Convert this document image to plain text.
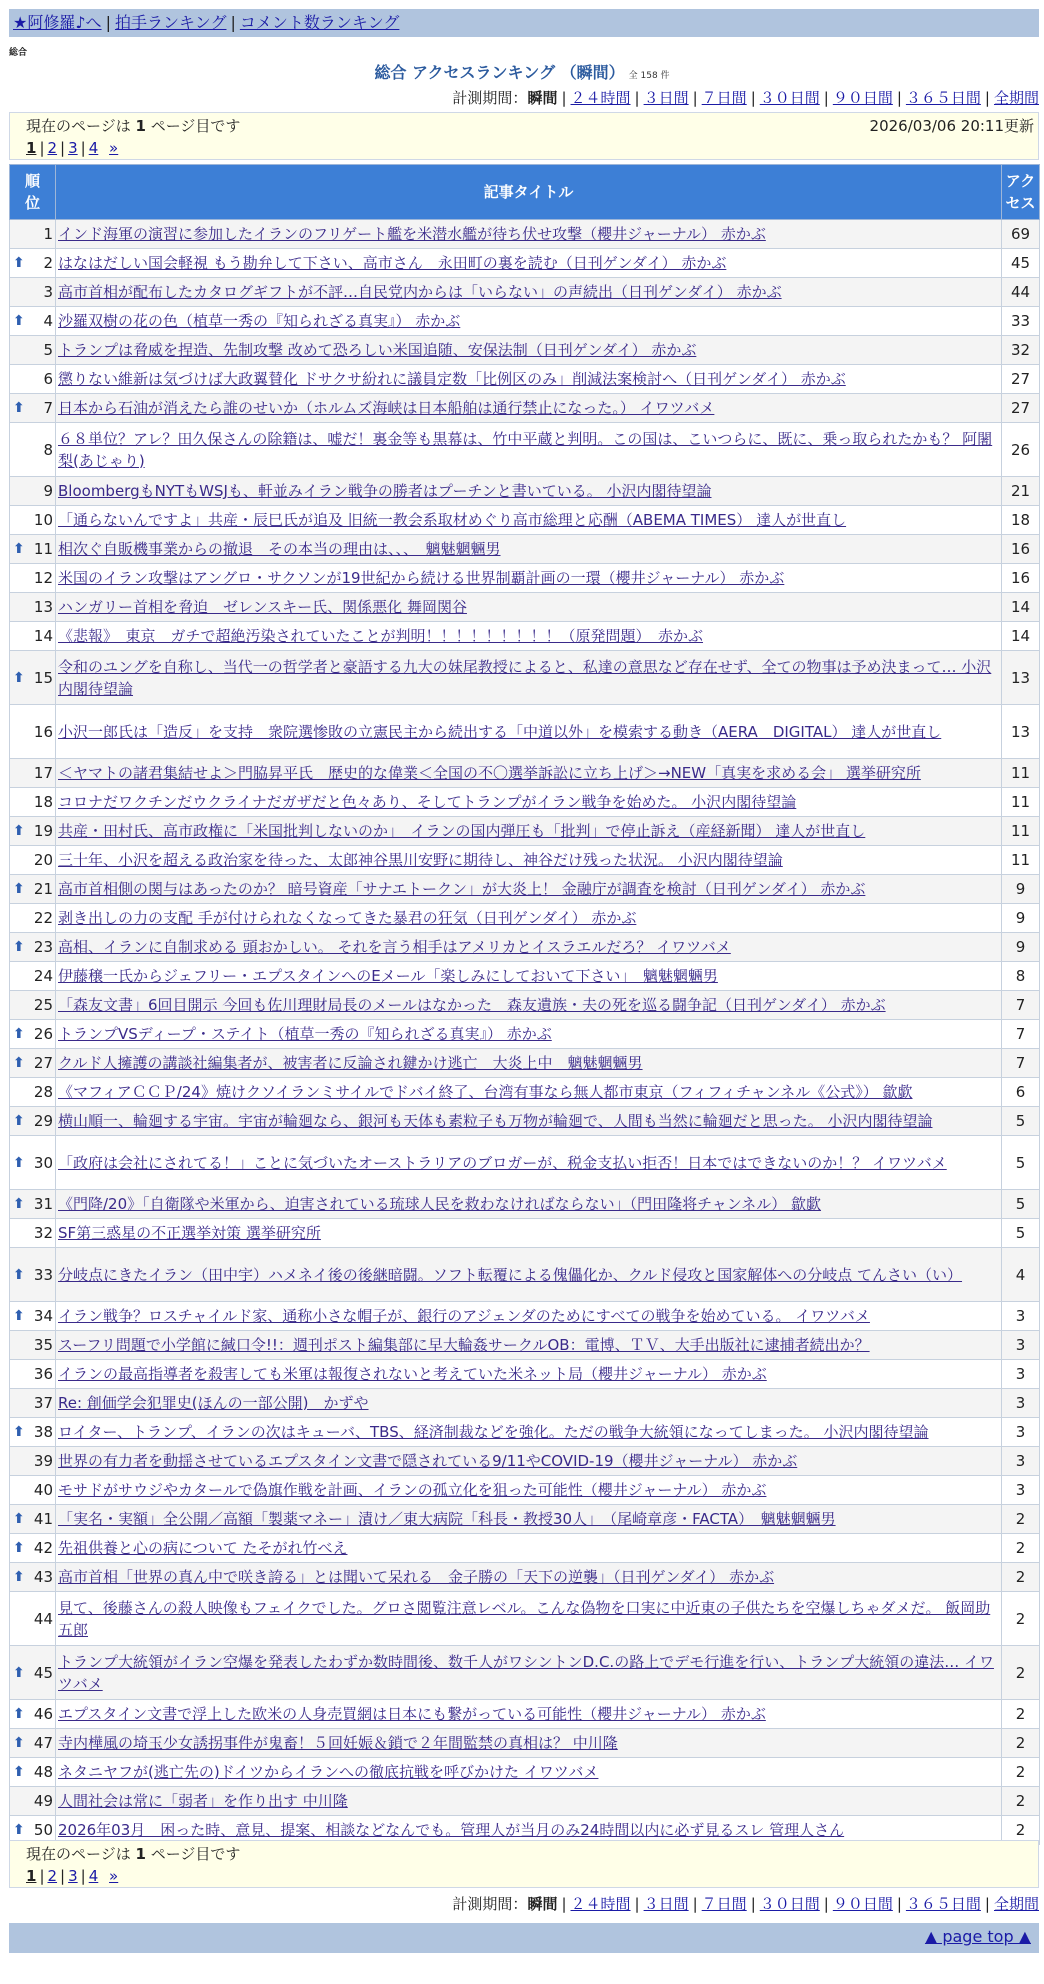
★阿修羅♪へ | 拍手ランキング | コメント数ランキング
総合
総合 アクセスランキング （瞬間） 全 158 件
計測期間：瞬間 | ２４時間 | ３日間 | ７日間 | ３０日間 | ９０日間 | ３６５日間 | 全期間
現在のページは 1 ページ目です	2026/03/06 20:11更新
1 | 2 | 3 | 4 »
順
位	記事タイトル	アク
セス
1	インド海軍の演習に参加したイランのフリゲート艦を米潜水艦が待ち伏せ攻撃（櫻井ジャーナル） 赤かぶ	69

⬆ 2	はなはだしい国会軽視 もう勘弁して下さい、高市さん　永田町の裏を読む（日刊ゲンダイ） 赤かぶ	45
3	高市首相が配布したカタログギフトが不評…自民党内からは「いらない」の声続出（日刊ゲンダイ） 赤かぶ	44

⬆ 4	沙羅双樹の花の色（植草一秀の『知られざる真実』） 赤かぶ	33
5	トランプは脅威を捏造、先制攻撃 改めて恐ろしい米国追随、安保法制（日刊ゲンダイ） 赤かぶ	32
6	懲りない維新は気づけば大政翼賛化 ドサクサ紛れに議員定数「比例区のみ」削減法案検討へ（日刊ゲンダイ） 赤かぶ	27

⬆ 7	日本から石油が消えたら誰のせいか（ホルムズ海峡は日本船舶は通行禁止になった。） イワツバメ	27
8	６８単位？アレ？田久保さんの除籍は、嘘だ！裏金等も黒幕は、竹中平蔵と判明。この国は、こいつらに、既に、乗っ取られたかも？ 阿闍梨(あじゃり)	26
9	BloombergもNYTもWSJも、軒並みイラン戦争の勝者はプーチンと書いている。 小沢内閣待望論	21
10	「通らないんですよ」共産・辰巳氏が追及 旧統一教会系取材めぐり高市総理と応酬（ABEMA TIMES） 達人が世直し	18

⬆ 11	相次ぐ自販機事業からの撤退　その本当の理由は、、、　魑魅魍魎男	16
12	米国のイラン攻撃はアングロ・サクソンが19世紀から続ける世界制覇計画の一環（櫻井ジャーナル） 赤かぶ	16
13	ハンガリー首相を脅迫　ゼレンスキー氏、関係悪化 舞岡関谷	14
14	《悲報》　東京　ガチで超絶汚染されていたことが判明！！！！！！！！！（原発問題）　赤かぶ	14

⬆ 15	令和のユングを自称し、当代一の哲学者と豪語する九大の妹尾教授によると、私達の意思など存在せず、全ての物事は予め決まって… 小沢内閣待望論	13
16	小沢一郎氏は「造反」を支持　衆院選惨敗の立憲民主から続出する「中道以外」を模索する動き（AERA　DIGITAL） 達人が世直し	13
17	＜ヤマトの諸君集結せよ＞門脇昇平氏　歴史的な偉業＜全国の不〇選挙訴訟に立ち上げ＞→NEW「真実を求める会」 選挙研究所	11
18	コロナだワクチンだウクライナだガザだと色々あり、そしてトランプがイラン戦争を始めた。 小沢内閣待望論	11

⬆ 19	共産・田村氏、高市政権に「米国批判しないのか」　イランの国内弾圧も「批判」で停止訴え（産経新聞） 達人が世直し	11
20	三十年、小沢を超える政治家を待った、太郎神谷黒川安野に期待し、神谷だけ残った状況。 小沢内閣待望論	11

⬆ 21	高市首相側の関与はあったのか？ 暗号資産「サナエトークン」が大炎上！ 金融庁が調査を検討（日刊ゲンダイ） 赤かぶ	9
22	剥き出しの力の支配 手が付けられなくなってきた暴君の狂気（日刊ゲンダイ） 赤かぶ	9

⬆ 23	高相、イランに自制求める 頭おかしい。 それを言う相手はアメリカとイスラエルだろ？ イワツバメ	9
24	伊藤穣一氏からジェフリー・エプスタインへのEメール「楽しみにしておいて下さい」　魑魅魍魎男	8
25	「森友文書」6回目開示 今回も佐川理財局長のメールはなかった　森友遺族・夫の死を巡る闘争記（日刊ゲンダイ） 赤かぶ	7

⬆ 26	トランプVSディープ・ステイト（植草一秀の『知られざる真実』） 赤かぶ	7

⬆ 27	クルド人擁護の講談社編集者が、被害者に反論され鍵かけ逃亡　大炎上中　魑魅魍魎男	7
28	《マフィアＣＣＰ/24》焼けクソイランミサイルでドバイ終了、台湾有事なら無人都市東京（フィフィチャンネル《公式》） 歙歔	6

⬆ 29	横山順一、輪廻する宇宙。宇宙が輪廻なら、銀河も天体も素粒子も万物が輪廻で、人間も当然に輪廻だと思った。 小沢内閣待望論	5

⬆ 30	「政府は会社にされてる！」ことに気づいたオーストラリアのブロガーが、税金支払い拒否！日本ではできないのか！？ イワツバメ	5

⬆ 31	《門降/20》「自衛隊や米軍から、迫害されている琉球人民を救わなければならない」（門田隆将チャンネル） 歙歔	5
32	SF第三惑星の不正選挙対策 選挙研究所	5

⬆ 33	分岐点にきたイラン（田中宇）ハメネイ後の後継暗闘。ソフト転覆による傀儡化か、クルド侵攻と国家解体への分岐点 てんさい（い）	4

⬆ 34	イラン戦争？ロスチャイルド家、通称小さな帽子が、銀行のアジェンダのためにすべての戦争を始めている。 イワツバメ	3
35	スーフリ問題で小学館に緘口令!!：週刊ポスト編集部に早大輪姦サークルOB：電博、ＴＶ、大手出版社に逮捕者続出か？	3
36	イランの最高指導者を殺害しても米軍は報復されないと考えていた米ネット局（櫻井ジャーナル） 赤かぶ	3
37	Re: 創価学会犯罪史(ほんの一部公開)　かずや	3

⬆ 38	ロイター、トランプ、イランの次はキューバ、TBS、経済制裁などを強化。ただの戦争大統領になってしまった。 小沢内閣待望論	3
39	世界の有力者を動揺させているエプスタイン文書で隠されている9/11やCOVID-19（櫻井ジャーナル） 赤かぶ	3
40	モサドがサウジやカタールで偽旗作戦を計画、イランの孤立化を狙った可能性（櫻井ジャーナル） 赤かぶ	3

⬆ 41	「実名・実額」全公開／高額「製薬マネー」漬け／東大病院「科長・教授30人」　（尾崎章彦・FACTA）　魑魅魍魎男	2

⬆ 42	先祖供養と心の病について たそがれ竹べえ	2

⬆ 43	高市首相「世界の真ん中で咲き誇る」とは聞いて呆れる　金子勝の「天下の逆襲」（日刊ゲンダイ） 赤かぶ	2
44	見て、後藤さんの殺人映像もフェイクでした。グロさ閲覧注意レベル。こんな偽物を口実に中近東の子供たちを空爆しちゃダメだ。 飯岡助五郎	2

⬆ 45	トランプ大統領がイラン空爆を発表したわずか数時間後、数千人がワシントンD.C.の路上でデモ行進を行い、トランプ大統領の違法… イワツバメ	2

⬆ 46	エプスタイン文書で浮上した欧米の人身売買網は日本にも繋がっている可能性（櫻井ジャーナル） 赤かぶ	2

⬆ 47	寺内樺風の埼玉少女誘拐事件が鬼畜！５回妊娠＆鎖で２年間監禁の真相は？ 中川隆	2

⬆ 48	ネタニヤフが(逃亡先の)ドイツからイランへの徹底抗戦を呼びかけた イワツバメ	2
49	人間社会は常に「弱者」を作り出す 中川隆	2

⬆ 50	2026年03月　困った時、意見、提案、相談などなんでも。管理人が当月のみ24時間以内に必ず見るスレ 管理人さん	2
現在のページは 1 ページ目です
1 | 2 | 3 | 4 »
計測期間：瞬間 | ２４時間 | ３日間 | ７日間 | ３０日間 | ９０日間 | ３６５日間 | 全期間
▲ page top ▲
